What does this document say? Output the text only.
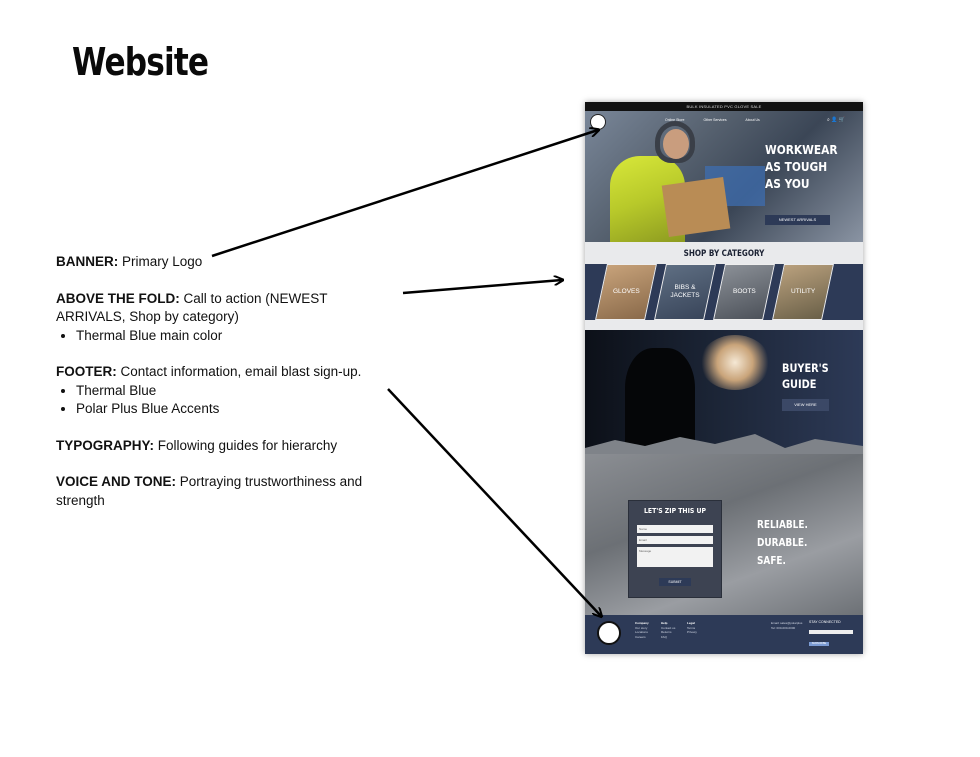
Website
BANNER: Primary Logo
ABOVE THE FOLD: Call to action (NEWEST ARRIVALS, Shop by category)
• Thermal Blue main color
FOOTER: Contact information, email blast sign-up.
• Thermal Blue
• Polar Plus Blue Accents
TYPOGRAPHY: Following guides for hierarchy
VOICE AND TONE: Portraying trustworthiness and strength
BULK INSULATED PVC GLOVE SALE
Online Store	Other Services	About Us	⌕ 👤 🛒
WORKWEAR
AS TOUGH
AS YOU
NEWEST ARRIVALS
SHOP BY CATEGORY
GLOVES
BIBS & JACKETS
BOOTS	UTILITY
BUYER'S
GUIDE
VIEW HERE
LET'S ZIP THIS UP
Name
Email
Message
SUBMIT
RELIABLE.
DURABLE.
SAFE.
Company
Our story
Locations
Careers
Help
Contact us
Returns
FAQ
Legal
Terms
Privacy
Email: sales@polarplus
Tel: 000-000-0000
STAY CONNECTED
SUBSCRIBE
